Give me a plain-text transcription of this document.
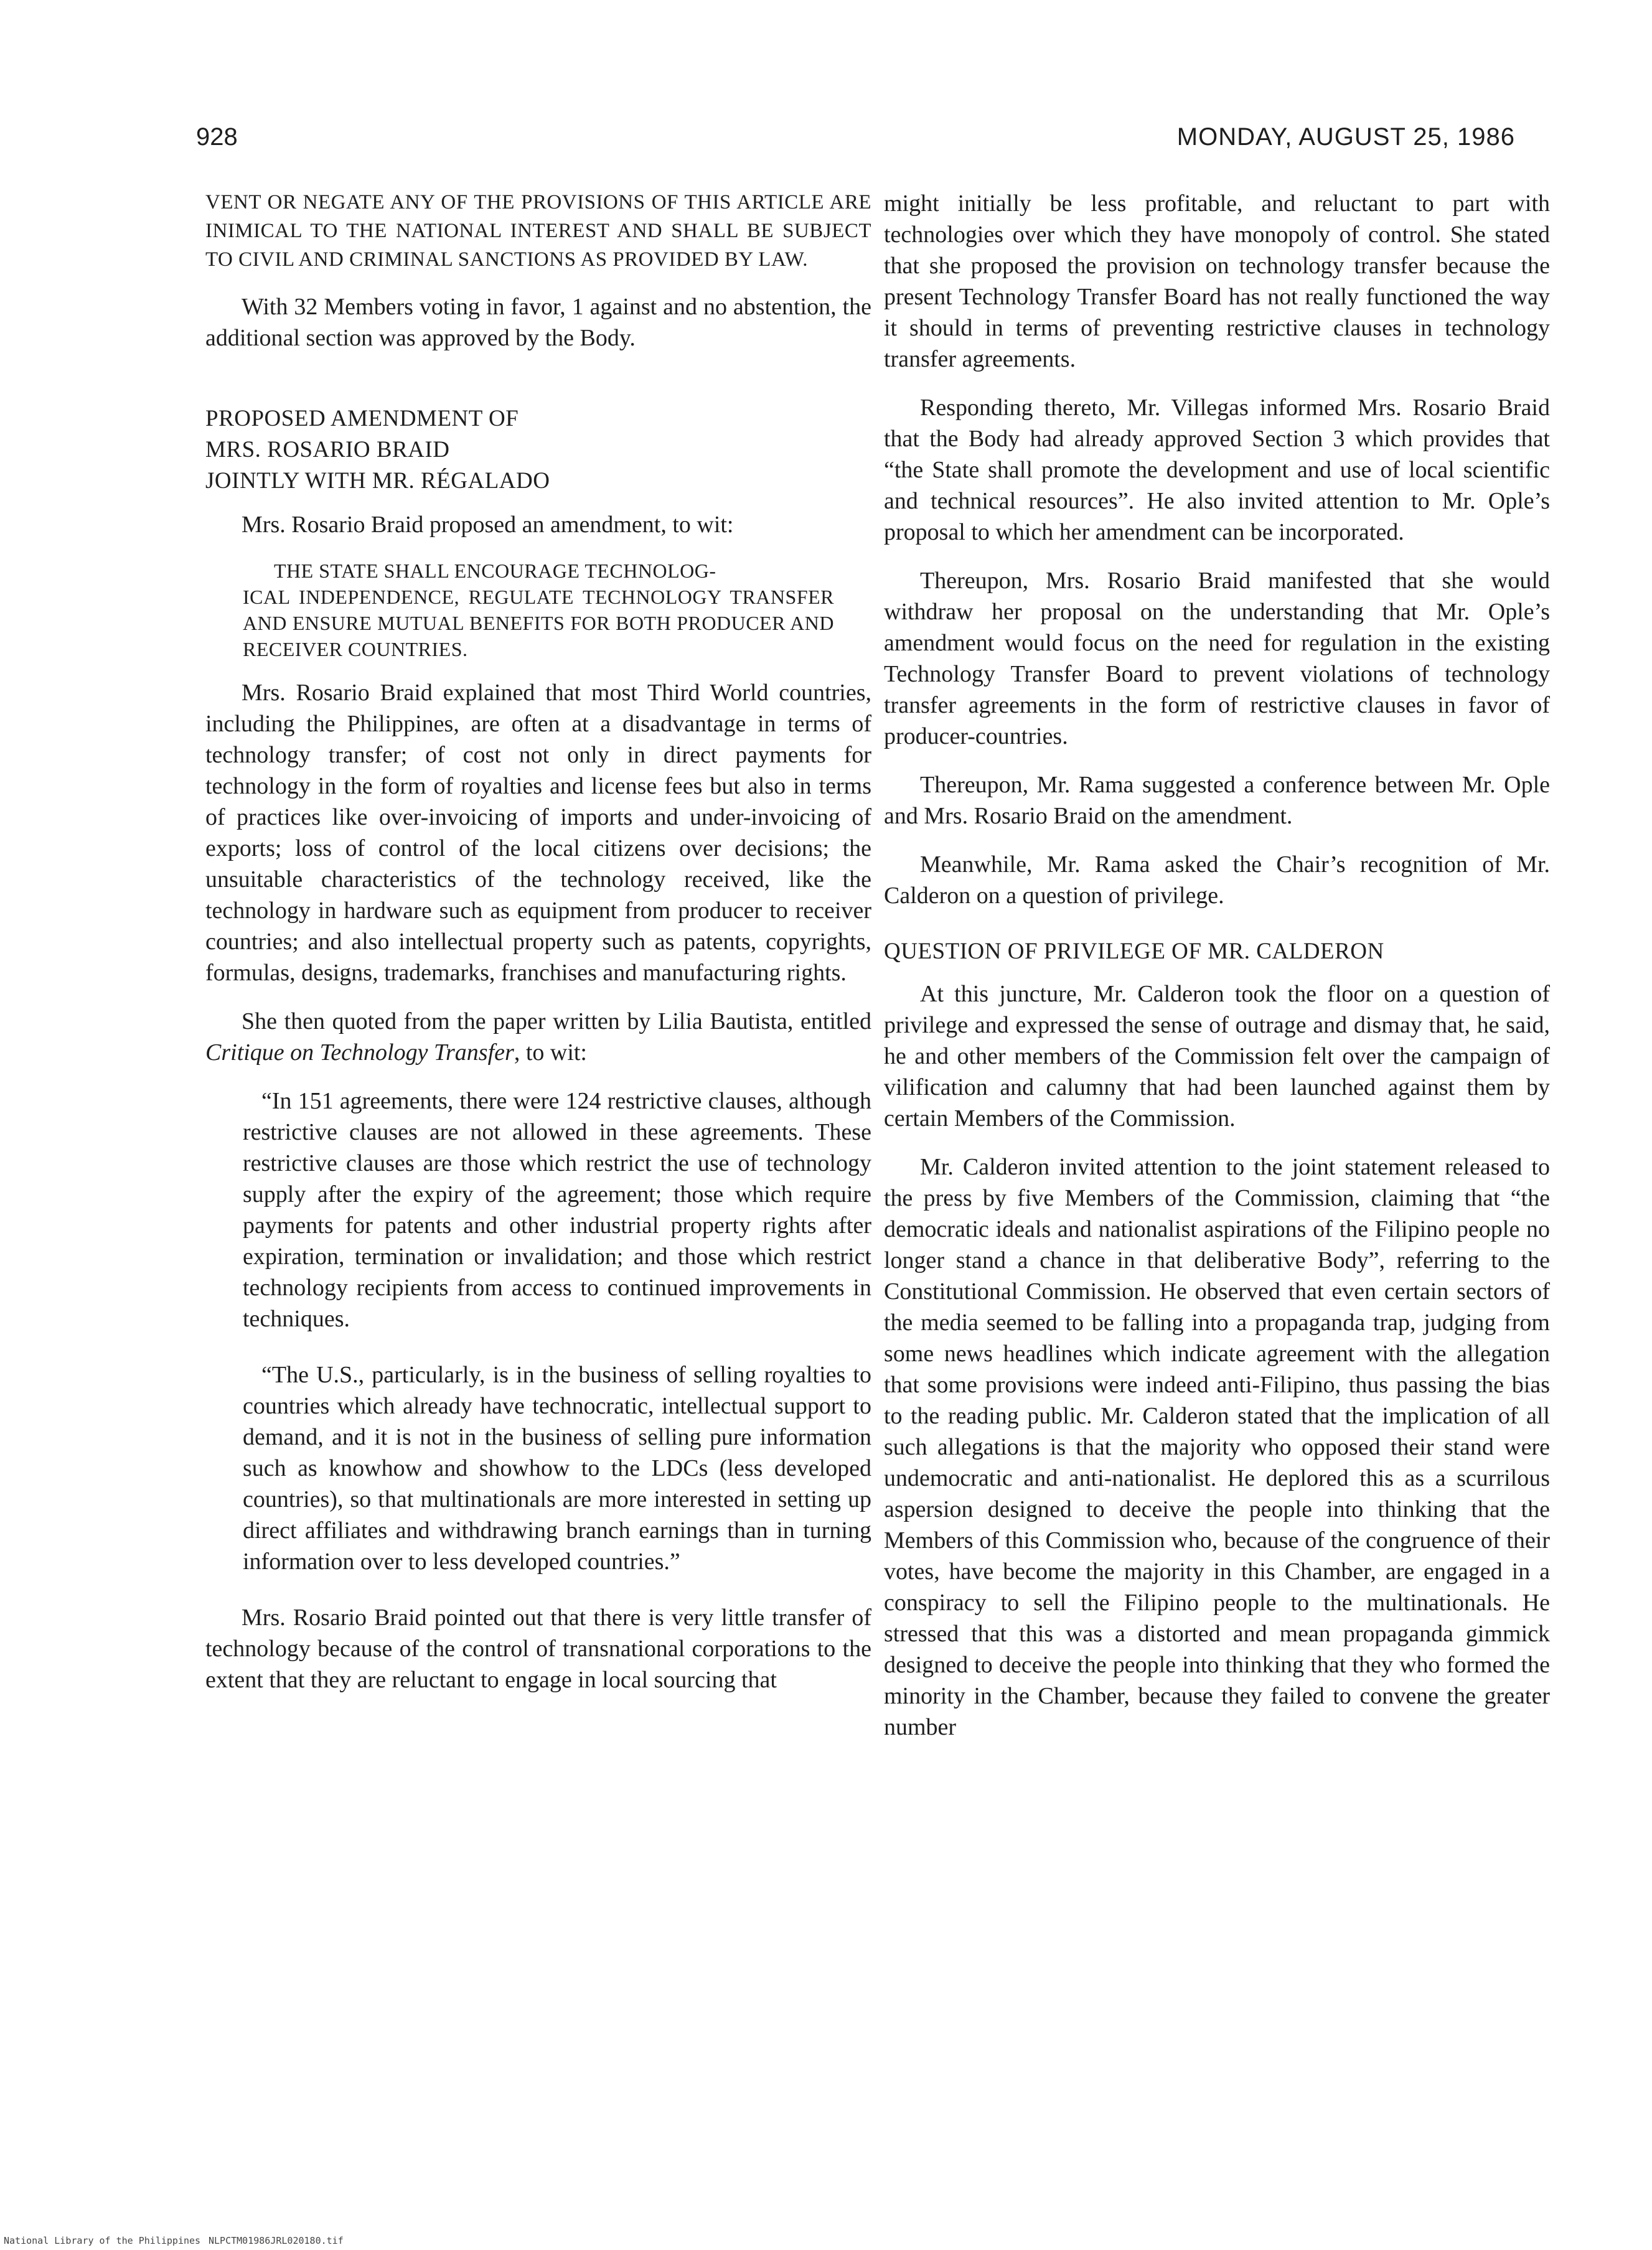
928	MONDAY, AUGUST 25, 1986

VENT OR NEGATE ANY OF THE PROVISIONS OF THIS ARTICLE ARE INIMICAL TO THE NATIONAL INTEREST AND SHALL BE SUBJECT TO CIVIL AND CRIMINAL SANCTIONS AS PROVIDED BY LAW.

With 32 Members voting in favor, 1 against and no abstention, the additional section was approved by the Body.

PROPOSED AMENDMENT OF
MRS. ROSARIO BRAID
JOINTLY WITH MR. RÉGALADO

Mrs. Rosario Braid proposed an amendment, to wit:

THE STATE SHALL ENCOURAGE TECHNOLOG-
ICAL INDEPENDENCE, REGULATE TECHNOLOGY TRANSFER AND ENSURE MUTUAL BENEFITS FOR BOTH PRODUCER AND RECEIVER COUNTRIES.

Mrs. Rosario Braid explained that most Third World countries, including the Philippines, are often at a disadvantage in terms of technology transfer; of cost not only in direct payments for technology in the form of royalties and license fees but also in terms of practices like over-invoicing of imports and under-invoicing of exports; loss of control of the local citizens over decisions; the unsuitable characteristics of the technology received, like the technology in hardware such as equipment from producer to receiver countries; and also intellectual property such as patents, copyrights, formulas, designs, trademarks, franchises and manufacturing rights.

She then quoted from the paper written by Lilia Bautista, entitled Critique on Technology Transfer, to wit:

“In 151 agreements, there were 124 restrictive clauses, although restrictive clauses are not allowed in these agreements. These restrictive clauses are those which restrict the use of technology supply after the expiry of the agreement; those which require payments for patents and other industrial property rights after expiration, termination or invalidation; and those which restrict technology recipients from access to continued improvements in techniques.

“The U.S., particularly, is in the business of selling royalties to countries which already have technocratic, intellectual support to demand, and it is not in the business of selling pure information such as knowhow and showhow to the LDCs (less developed countries), so that multinationals are more interested in setting up direct affiliates and withdrawing branch earnings than in turning information over to less developed countries.”

Mrs. Rosario Braid pointed out that there is very little transfer of technology because of the control of transnational corporations to the extent that they are reluctant to engage in local sourcing that

might initially be less profitable, and reluctant to part with technologies over which they have monopoly of control. She stated that she proposed the provision on technology transfer because the present Technology Transfer Board has not really functioned the way it should in terms of preventing restrictive clauses in technology transfer agreements.

Responding thereto, Mr. Villegas informed Mrs. Rosario Braid that the Body had already approved Section 3 which provides that “the State shall promote the development and use of local scientific and technical resources”. He also invited attention to Mr. Ople’s proposal to which her amendment can be incorporated.

Thereupon, Mrs. Rosario Braid manifested that she would withdraw her proposal on the understanding that Mr. Ople’s amendment would focus on the need for regulation in the existing Technology Transfer Board to prevent violations of technology transfer agreements in the form of restrictive clauses in favor of producer-countries.

Thereupon, Mr. Rama suggested a conference between Mr. Ople and Mrs. Rosario Braid on the amendment.

Meanwhile, Mr. Rama asked the Chair’s recognition of Mr. Calderon on a question of privilege.

QUESTION OF PRIVILEGE OF MR. CALDERON

At this juncture, Mr. Calderon took the floor on a question of privilege and expressed the sense of outrage and dismay that, he said, he and other members of the Commission felt over the campaign of vilification and calumny that had been launched against them by certain Members of the Commission.

Mr. Calderon invited attention to the joint statement released to the press by five Members of the Commission, claiming that “the democratic ideals and nationalist aspirations of the Filipino people no longer stand a chance in that deliberative Body”, referring to the Constitutional Commission. He observed that even certain sectors of the media seemed to be falling into a propaganda trap, judging from some news headlines which indicate agreement with the allegation that some provisions were indeed anti-Filipino, thus passing the bias to the reading public. Mr. Calderon stated that the implication of all such allegations is that the majority who opposed their stand were undemocratic and anti-nationalist. He deplored this as a scurrilous aspersion designed to deceive the people into thinking that the Members of this Commission who, because of the congruence of their votes, have become the majority in this Chamber, are engaged in a conspiracy to sell the Filipino people to the multinationals. He stressed that this was a distorted and mean propaganda gimmick designed to deceive the people into thinking that they who formed the minority in the Chamber, because they failed to convene the greater number

National Library of the Philippines NLPCTM01986JRL020180.tif
